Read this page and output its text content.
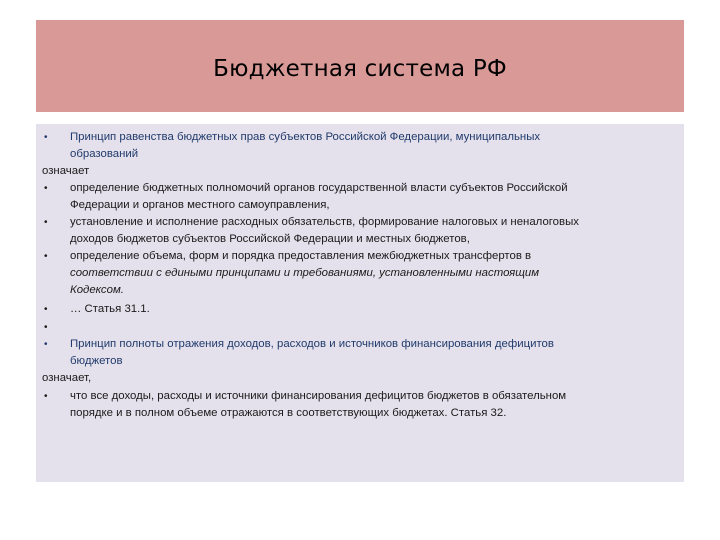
Бюджетная система РФ
• Принцип равенства бюджетных прав субъектов Российской Федерации, муниципальных
образований
означает
• определение бюджетных полномочий органов государственной власти субъектов Российской
Федерации и органов местного самоуправления,
• установление и исполнение расходных обязательств, формирование налоговых и неналоговых
доходов бюджетов субъектов Российской Федерации и местных бюджетов,
• определение объема, форм и порядка предоставления межбюджетных трансфертов в
соответствии с едиными принципами и требованиями, установленными настоящим
Кодексом.
• … Статья 31.1.
•
• Принцип полноты отражения доходов, расходов и источников финансирования дефицитов
бюджетов
означает,
• что все доходы, расходы и источники финансирования дефицитов бюджетов в обязательном
порядке и в полном объеме отражаются в соответствующих бюджетах. Статья 32.
